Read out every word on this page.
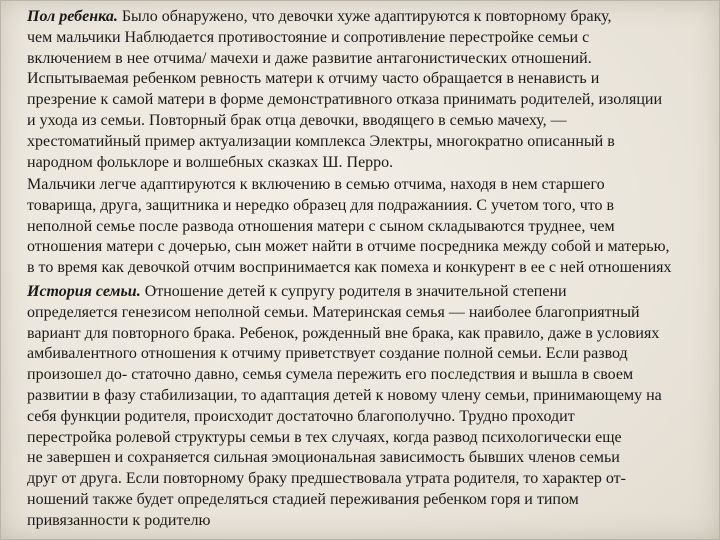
Пол ребенка. Было обнаружено, что девочки хуже адаптируются к повторному браку,
чем мальчики Наблюдается противостояние и сопротивление перестройке семьи с
включением в нее отчима/ мачехи и даже развитие антагонистических отношений.
Испытываемая ребенком ревность матери к отчиму часто обращается в ненависть и
презрение к самой матери в форме демонстративного отказа принимать родителей, изоляции
и ухода из семьи. Повторный брак отца девочки, вводящего в семью мачеху, —
хрестоматийный пример актуализации комплекса Электры, многократно описанный в
народном фольклоре и волшебных сказках Ш. Перро.
Мальчики легче адаптируются к включению в семью отчима, находя в нем старшего
товарища, друга, защитника и нередко образец для подражаниия. С учетом того, что в
неполной семье после развода отношения матери с сыном складываются труднее, чем
отношения матери с дочерью, сын может найти в отчиме посредника между собой и матерью,
в то время как девочкой отчим воспринимается как помеха и конкурент в ее с ней отношениях
История семьи. Отношение детей к супругу родителя в значительной степени
определяется генезисом неполной семьи. Материнская семья — наиболее благоприятный
вариант для повторного брака. Ребенок, рожденный вне брака, как правило, даже в условиях
амбивалентного отношения к отчиму приветствует создание полной семьи. Если развод
произошел до- статочно давно, семья сумела пережить его последствия и вышла в своем
развитии в фазу стабилизации, то адаптация детей к новому члену семьи, принимающему на
себя функции родителя, происходит достаточно благополучно. Трудно проходит
перестройка ролевой структуры семьи в тех случаях, когда развод психологически еще
не завершен и сохраняется сильная эмоциональная зависимость бывших членов семьи
друг от друга. Если повторному браку предшествовала утрата родителя, то характер от-
ношений также будет определяться стадией переживания ребенком горя и типом
привязанности к родителю
